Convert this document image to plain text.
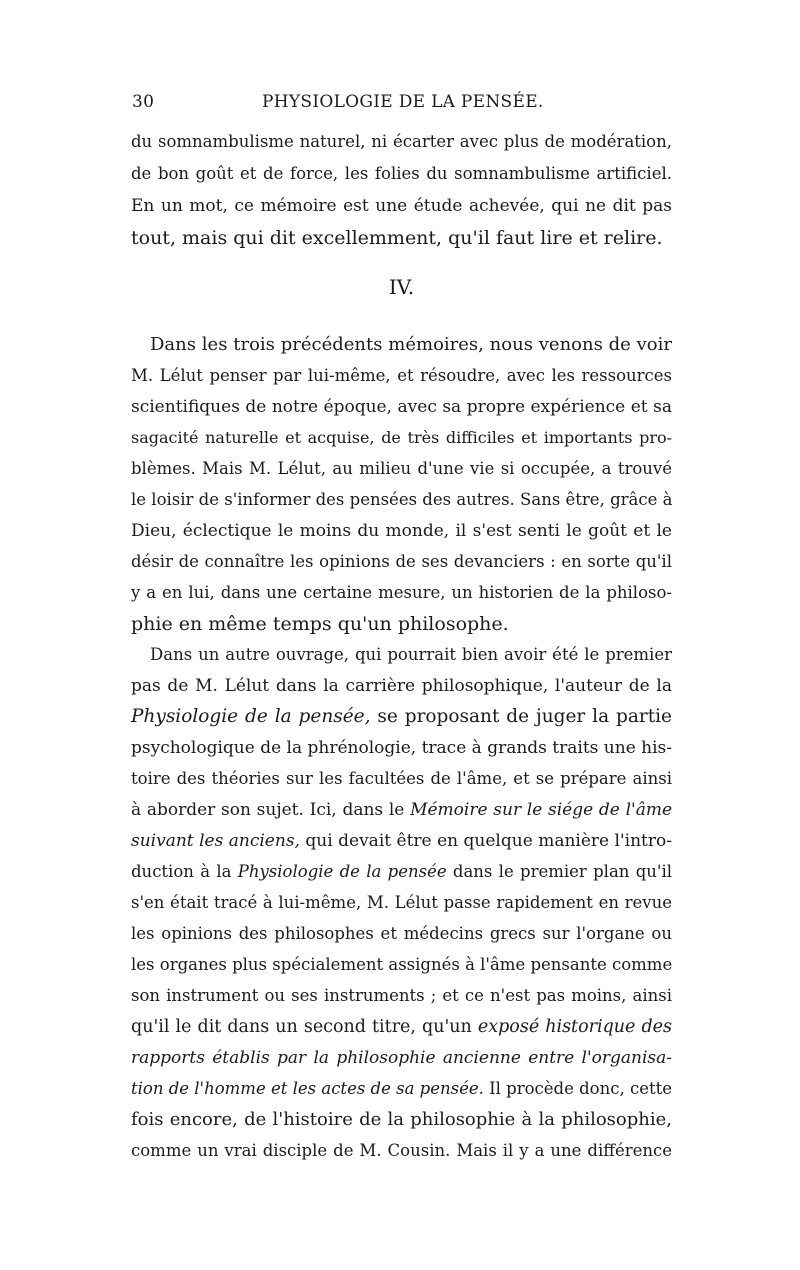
30	PHYSIOLOGIE DE LA PENSÉE.
du somnambulisme naturel, ni écarter avec plus de modération,
de bon goût et de force, les folies du somnambulisme artificiel.
En un mot, ce mémoire est une étude achevée, qui ne dit pas
tout, mais qui dit excellemment, qu'il faut lire et relire.
IV.
Dans les trois précédents mémoires, nous venons de voir
M. Lélut penser par lui-même, et résoudre, avec les ressources
scientifiques de notre époque, avec sa propre expérience et sa
sagacité naturelle et acquise, de très difficiles et importants pro-
blèmes. Mais M. Lélut, au milieu d'une vie si occupée, a trouvé
le loisir de s'informer des pensées des autres. Sans être, grâce à
Dieu, éclectique le moins du monde, il s'est senti le goût et le
désir de connaître les opinions de ses devanciers : en sorte qu'il
y a en lui, dans une certaine mesure, un historien de la philoso-
phie en même temps qu'un philosophe.
Dans un autre ouvrage, qui pourrait bien avoir été le premier
pas de M. Lélut dans la carrière philosophique, l'auteur de la
Physiologie de la pensée, se proposant de juger la partie
psychologique de la phrénologie, trace à grands traits une his-
toire des théories sur les facultées de l'âme, et se prépare ainsi
à aborder son sujet. Ici, dans le Mémoire sur le siége de l'âme
suivant les anciens, qui devait être en quelque manière l'intro-
duction à la Physiologie de la pensée dans le premier plan qu'il
s'en était tracé à lui-même, M. Lélut passe rapidement en revue
les opinions des philosophes et médecins grecs sur l'organe ou
les organes plus spécialement assignés à l'âme pensante comme
son instrument ou ses instruments ; et ce n'est pas moins, ainsi
qu'il le dit dans un second titre, qu'un exposé historique des
rapports établis par la philosophie ancienne entre l'organisa-
tion de l'homme et les actes de sa pensée. Il procède donc, cette
fois encore, de l'histoire de la philosophie à la philosophie,
comme un vrai disciple de M. Cousin. Mais il y a une différence
